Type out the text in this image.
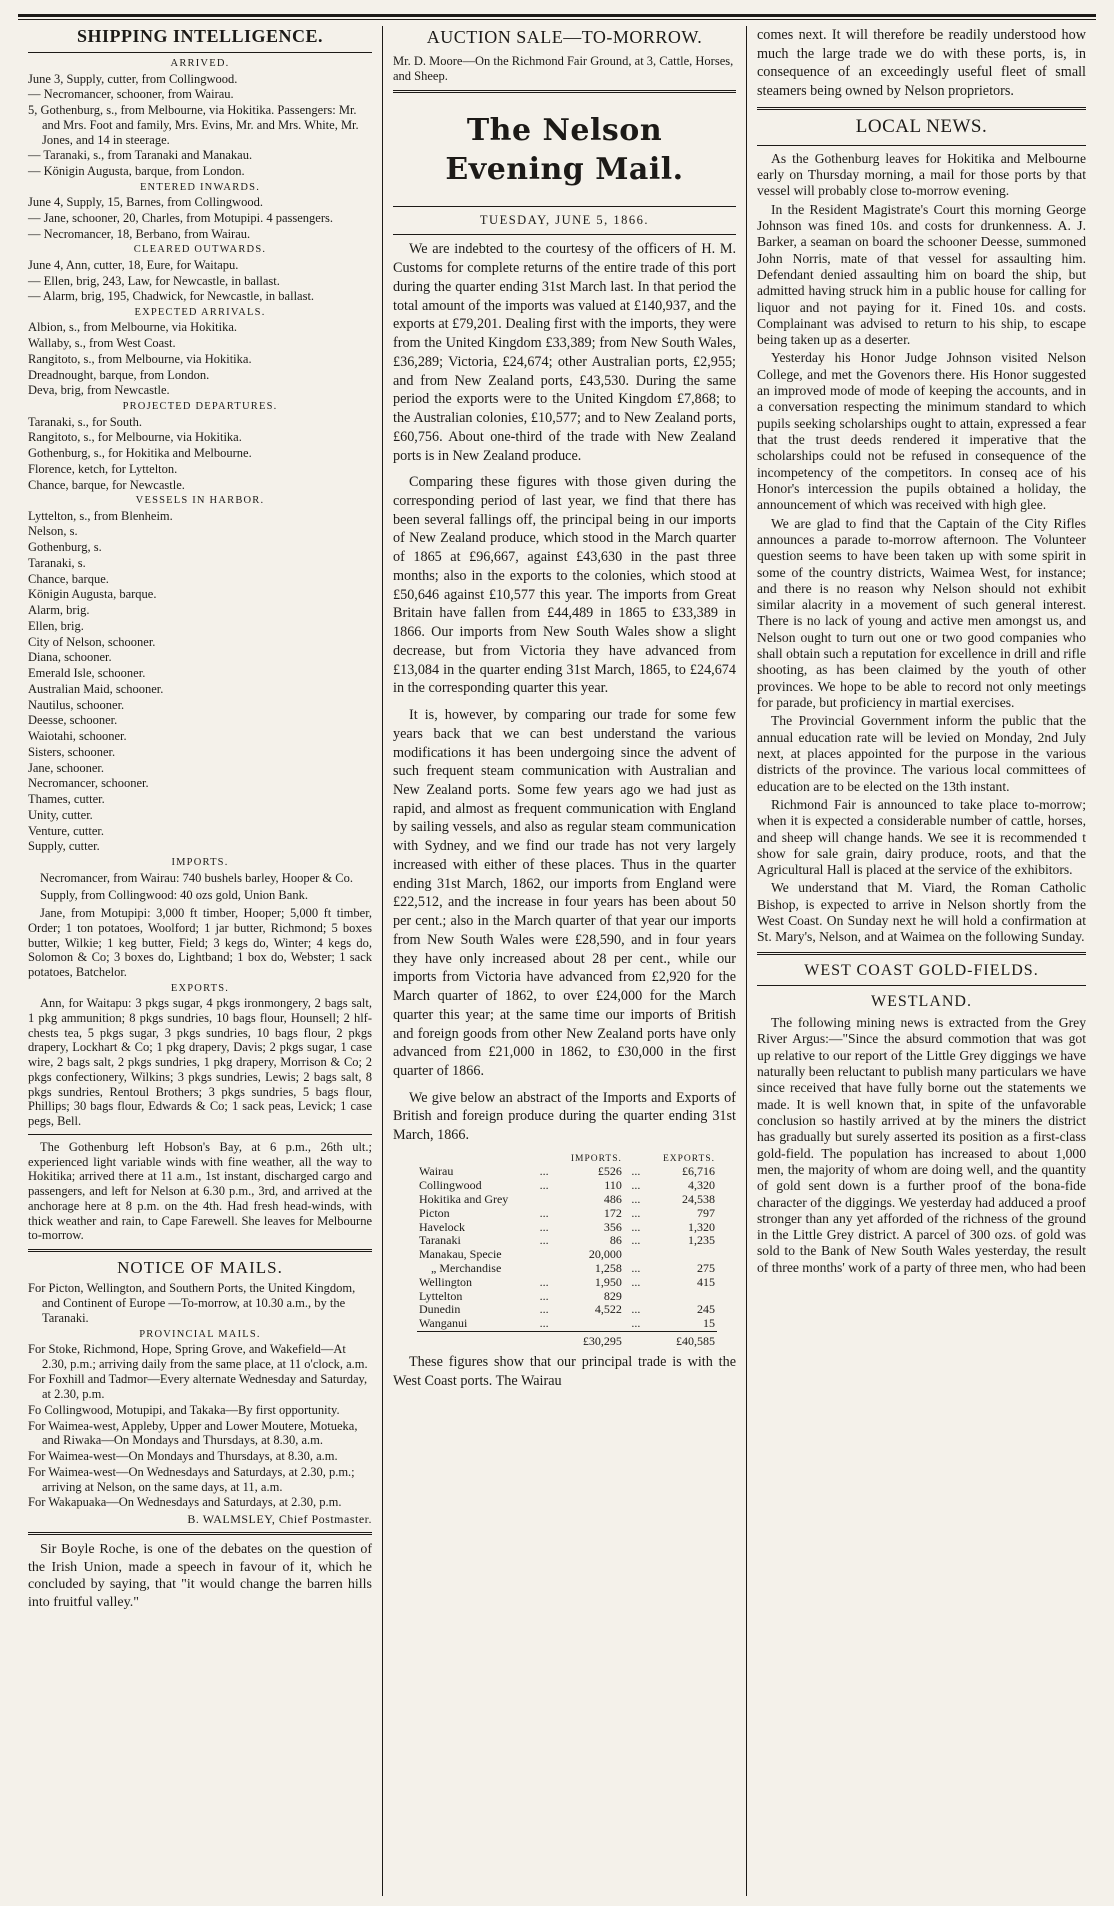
SHIPPING INTELLIGENCE.
ARRIVED.

June 3, Supply, cutter, from Collingwood.

— Necromancer, schooner, from Wairau.

5, Gothenburg, s., from Melbourne, via Hokitika. Passengers: Mr. and Mrs. Foot and family, Mrs. Evins, Mr. and Mrs. White, Mr. Jones, and 14 in steerage.

— Taranaki, s., from Taranaki and Manakau.

— Königin Augusta, barque, from London.

ENTERED INWARDS.

June 4, Supply, 15, Barnes, from Collingwood.

— Jane, schooner, 20, Charles, from Motupipi. 4 passengers.

— Necromancer, 18, Berbano, from Wairau.

CLEARED OUTWARDS.

June 4, Ann, cutter, 18, Eure, for Waitapu.

— Ellen, brig, 243, Law, for Newcastle, in ballast.

— Alarm, brig, 195, Chadwick, for Newcastle, in ballast.

EXPECTED ARRIVALS.

Albion, s., from Melbourne, via Hokitika.

Wallaby, s., from West Coast.

Rangitoto, s., from Melbourne, via Hokitika.

Dreadnought, barque, from London.

Deva, brig, from Newcastle.

PROJECTED DEPARTURES.

Taranaki, s., for South.

Rangitoto, s., for Melbourne, via Hokitika.

Gothenburg, s., for Hokitika and Melbourne.

Florence, ketch, for Lyttelton.

Chance, barque, for Newcastle.

VESSELS IN HARBOR.

Lyttelton, s., from Blenheim.

Nelson, s.

Gothenburg, s.

Taranaki, s.

Chance, barque.

Königin Augusta, barque.

Alarm, brig.

Ellen, brig.

City of Nelson, schooner.

Diana, schooner.

Emerald Isle, schooner.

Australian Maid, schooner.

Nautilus, schooner.

Deesse, schooner.

Waiotahi, schooner.

Sisters, schooner.

Jane, schooner.

Necromancer, schooner.

Thames, cutter.

Unity, cutter.

Venture, cutter.

Supply, cutter.

IMPORTS.

Necromancer, from Wairau: 740 bushels barley, Hooper & Co.

Supply, from Collingwood: 40 ozs gold, Union Bank.

Jane, from Motupipi: 3,000 ft timber, Hooper; 5,000 ft timber, Order; 1 ton potatoes, Woolford; 1 jar butter, Richmond; 5 boxes butter, Wilkie; 1 keg butter, Field; 3 kegs do, Winter; 4 kegs do, Solomon & Co; 3 boxes do, Lightband; 1 box do, Webster; 1 sack potatoes, Batchelor.

EXPORTS.

Ann, for Waitapu: 3 pkgs sugar, 4 pkgs ironmongery, 2 bags salt, 1 pkg ammunition; 8 pkgs sundries, 10 bags flour, Hounsell; 2 hlf-chests tea, 5 pkgs sugar, 3 pkgs sundries, 10 bags flour, 2 pkgs drapery, Lockhart & Co; 1 pkg drapery, Davis; 2 pkgs sugar, 1 case wire, 2 bags salt, 2 pkgs sundries, 1 pkg drapery, Morrison & Co; 2 pkgs confectionery, Wilkins; 3 pkgs sundries, Lewis; 2 bags salt, 8 pkgs sundries, Rentoul Brothers; 3 pkgs sundries, 5 bags flour, Phillips; 30 bags flour, Edwards & Co; 1 sack peas, Levick; 1 case pegs, Bell.

The Gothenburg left Hobson's Bay, at 6 p.m., 26th ult.; experienced light variable winds with fine weather, all the way to Hokitika; arrived there at 11 a.m., 1st instant, discharged cargo and passengers, and left for Nelson at 6.30 p.m., 3rd, and arrived at the anchorage here at 8 p.m. on the 4th. Had fresh head-winds, with thick weather and rain, to Cape Farewell. She leaves for Melbourne to-morrow.

NOTICE OF MAILS.

For Picton, Wellington, and Southern Ports, the United Kingdom, and Continent of Europe —To-morrow, at 10.30 a.m., by the Taranaki.

PROVINCIAL MAILS.

For Stoke, Richmond, Hope, Spring Grove, and Wakefield—At 2.30, p.m.; arriving daily from the same place, at 11 o'clock, a.m.

For Foxhill and Tadmor—Every alternate Wednesday and Saturday, at 2.30, p.m.

Fo Collingwood, Motupipi, and Takaka—By first opportunity.

For Waimea-west, Appleby, Upper and Lower Moutere, Motueka, and Riwaka—On Mondays and Thursdays, at 8.30, a.m.

For Waimea-west—On Mondays and Thursdays, at 8.30, a.m.

For Waimea-west—On Wednesdays and Saturdays, at 2.30, p.m.; arriving at Nelson, on the same days, at 11, a.m.

For Wakapuaka—On Wednesdays and Saturdays, at 2.30, p.m.

B. WALMSLEY, Chief Postmaster.

Sir Boyle Roche, is one of the debates on the question of the Irish Union, made a speech in favour of it, which he concluded by saying, that "it would change the barren hills into fruitful valley."

AUCTION SALE—TO-MORROW.

Mr. D. Moore—On the Richmond Fair Ground, at 3, Cattle, Horses, and Sheep.

The Nelson Evening Mail.
TUESDAY, JUNE 5, 1866.

We are indebted to the courtesy of the officers of H. M. Customs for complete returns of the entire trade of this port during the quarter ending 31st March last. In that period the total amount of the imports was valued at £140,937, and the exports at £79,201. Dealing first with the imports, they were from the United Kingdom £33,389; from New South Wales, £36,289; Victoria, £24,674; other Australian ports, £2,955; and from New Zealand ports, £43,530. During the same period the exports were to the United Kingdom £7,868; to the Australian colonies, £10,577; and to New Zealand ports, £60,756. About one-third of the trade with New Zealand ports is in New Zealand produce.

Comparing these figures with those given during the corresponding period of last year, we find that there has been several fallings off, the principal being in our imports of New Zealand produce, which stood in the March quarter of 1865 at £96,667, against £43,630 in the past three months; also in the exports to the colonies, which stood at £50,646 against £10,577 this year. The imports from Great Britain have fallen from £44,489 in 1865 to £33,389 in 1866. Our imports from New South Wales show a slight decrease, but from Victoria they have advanced from £13,084 in the quarter ending 31st March, 1865, to £24,674 in the corresponding quarter this year.

It is, however, by comparing our trade for some few years back that we can best understand the various modifications it has been undergoing since the advent of such frequent steam communication with Australian and New Zealand ports. Some few years ago we had just as rapid, and almost as frequent communication with England by sailing vessels, and also as regular steam communication with Sydney, and we find our trade has not very largely increased with either of these places. Thus in the quarter ending 31st March, 1862, our imports from England were £22,512, and the increase in four years has been about 50 per cent.; also in the March quarter of that year our imports from New South Wales were £28,590, and in four years they have only increased about 28 per cent., while our imports from Victoria have advanced from £2,920 for the March quarter of 1862, to over £24,000 for the March quarter this year; at the same time our imports of British and foreign goods from other New Zealand ports have only advanced from £21,000 in 1862, to £30,000 in the first quarter of 1866.

We give below an abstract of the Imports and Exports of British and foreign produce during the quarter ending 31st March, 1866.

		IMPORTS.		EXPORTS.
Wairau	...	£526	...	£6,716
Collingwood	...	110	...	4,320
Hokitika and Grey		486	...	24,538
Picton	...	172	...	797
Havelock	...	356	...	1,320
Taranaki	...	86	...	1,235
Manakau, Specie		20,000		
„ Merchandise		1,258	...	275
Wellington	...	1,950	...	415
Lyttelton	...	829		
Dunedin	...	4,522	...	245
Wanganui	...		...	15
		£30,295		£40,585

These figures show that our principal trade is with the West Coast ports. The Wairau

comes next. It will therefore be readily understood how much the large trade we do with these ports, is, in consequence of an exceedingly useful fleet of small steamers being owned by Nelson proprietors.

LOCAL NEWS.

As the Gothenburg leaves for Hokitika and Melbourne early on Thursday morning, a mail for those ports by that vessel will probably close to-morrow evening.

In the Resident Magistrate's Court this morning George Johnson was fined 10s. and costs for drunkenness. A. J. Barker, a seaman on board the schooner Deesse, summoned John Norris, mate of that vessel for assaulting him. Defendant denied assaulting him on board the ship, but admitted having struck him in a public house for calling for liquor and not paying for it. Fined 10s. and costs. Complainant was advised to return to his ship, to escape being taken up as a deserter.

Yesterday his Honor Judge Johnson visited Nelson College, and met the Govenors there. His Honor suggested an improved mode of mode of keeping the accounts, and in a conversation respecting the minimum standard to which pupils seeking scholarships ought to attain, expressed a fear that the trust deeds rendered it imperative that the scholarships could not be refused in consequence of the incompetency of the competitors. In conseq ace of his Honor's intercession the pupils obtained a holiday, the announcement of which was received with high glee.

We are glad to find that the Captain of the City Rifles announces a parade to-morrow afternoon. The Volunteer question seems to have been taken up with some spirit in some of the country districts, Waimea West, for instance; and there is no reason why Nelson should not exhibit similar alacrity in a movement of such general interest. There is no lack of young and active men amongst us, and Nelson ought to turn out one or two good companies who shall obtain such a reputation for excellence in drill and rifle shooting, as has been claimed by the youth of other provinces. We hope to be able to record not only meetings for parade, but proficiency in martial exercises.

The Provincial Government inform the public that the annual education rate will be levied on Monday, 2nd July next, at places appointed for the purpose in the various districts of the province. The various local committees of education are to be elected on the 13th instant.

Richmond Fair is announced to take place to-morrow; when it is expected a considerable number of cattle, horses, and sheep will change hands. We see it is recommended t show for sale grain, dairy produce, roots, and that the Agricultural Hall is placed at the service of the exhibitors.

We understand that M. Viard, the Roman Catholic Bishop, is expected to arrive in Nelson shortly from the West Coast. On Sunday next he will hold a confirmation at St. Mary's, Nelson, and at Waimea on the following Sunday.

WEST COAST GOLD-FIELDS.
WESTLAND.

The following mining news is extracted from the Grey River Argus:—"Since the absurd commotion that was got up relative to our report of the Little Grey diggings we have naturally been reluctant to publish many particulars we have since received that have fully borne out the statements we made. It is well known that, in spite of the unfavorable conclusion so hastily arrived at by the miners the district has gradually but surely asserted its position as a first-class gold-field. The population has increased to about 1,000 men, the majority of whom are doing well, and the quantity of gold sent down is a further proof of the bona-fide character of the diggings. We yesterday had adduced a proof stronger than any yet afforded of the richness of the ground in the Little Grey district. A parcel of 300 ozs. of gold was sold to the Bank of New South Wales yesterday, the result of three months' work of a party of three men, who had been
